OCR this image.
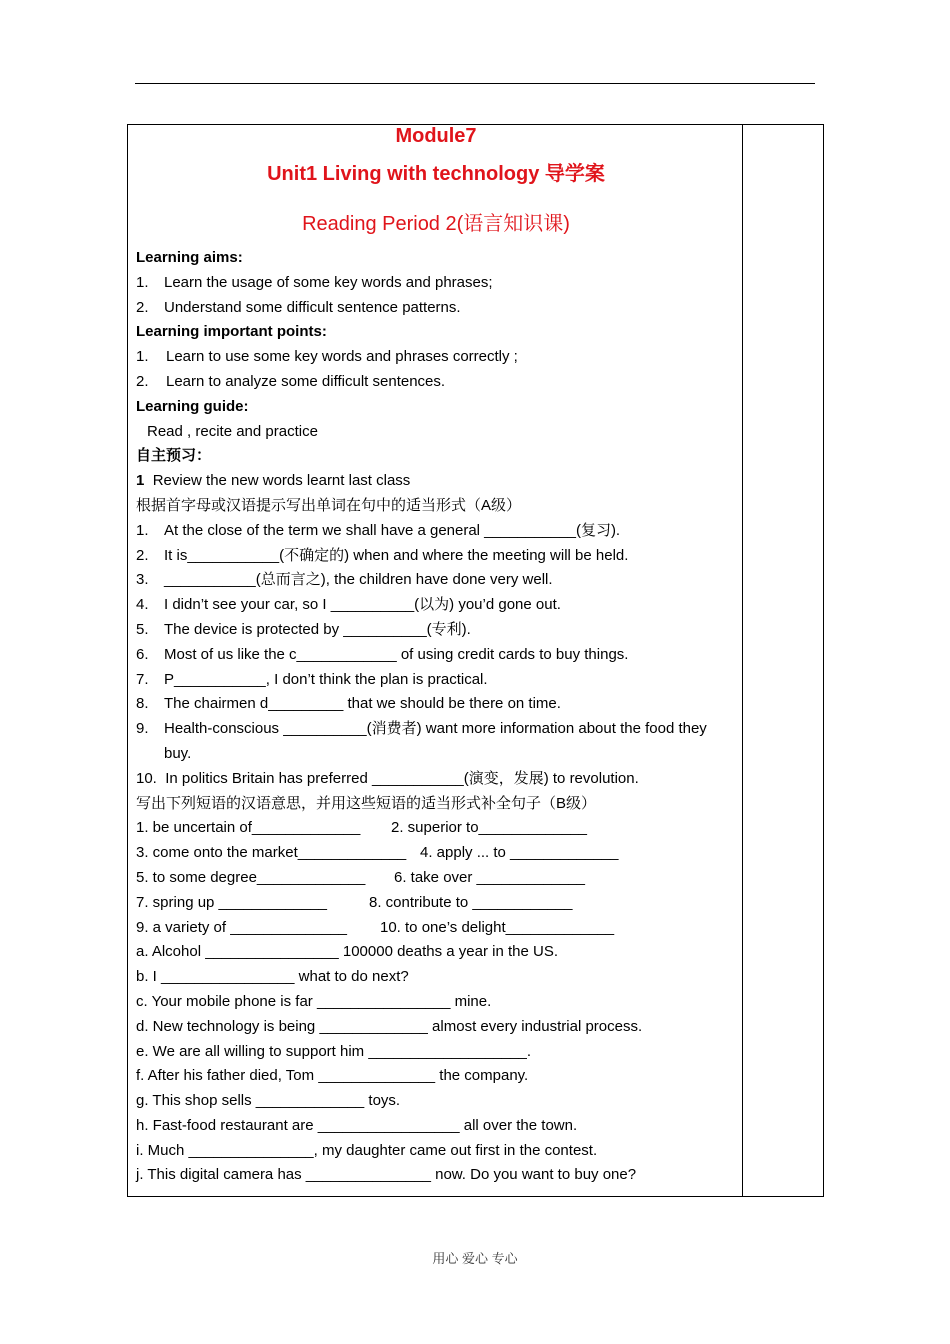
Module7
Unit1 Living with technology 导学案
Reading Period 2(语言知识课)
Learning aims:
1. Learn the usage of some key words and phrases;
2. Understand some difficult sentence patterns.
Learning important points:
1. Learn to use some key words and phrases correctly ;
2. Learn to analyze some difficult sentences.
Learning guide:
Read , recite and practice
自主预习：
1 Review the new words learnt last class
根据首字母或汉语提示写出单词在句中的适当形式（A级）
1. At the close of the term we shall have a general ___________(复习).
2. It is___________(不确定的) when and where the meeting will be held.
3. ___________(总而言之), the children have done very well.
4. I didn’t see your car, so I __________(以为) you’d gone out.
5. The device is protected by __________(专利).
6. Most of us like the c____________ of using credit cards to buy things.
7. P___________, I don’t think the plan is practical.
8. The chairmen d_________ that we should be there on time.
9.	Health-conscious __________(消费者) want more information about the food they buy.
10. In politics Britain has preferred ___________(演变，发展) to revolution.
写出下列短语的汉语意思，并用这些短语的适当形式补全句子（B级）
1. be uncertain of_____________	2. superior to_____________
3. come onto the market_____________ 4. apply ... to _____________
5. to some degree_____________	6. take over _____________
7. spring up _____________	8. contribute to ____________
9. a variety of ______________	10. to one’s delight_____________
a. Alcohol ________________ 100000 deaths a year in the US.
b. I ________________ what to do next?
c. Your mobile phone is far ________________ mine.
d. New technology is being _____________ almost every industrial process.
e. We are all willing to support him ___________________.
f. After his father died, Tom ______________ the company.
g. This shop sells _____________ toys.
h. Fast-food restaurant are _________________ all over the town.
i. Much _______________, my daughter came out first in the contest.
j. This digital camera has _______________ now. Do you want to buy one?
用心 爱心 专心
